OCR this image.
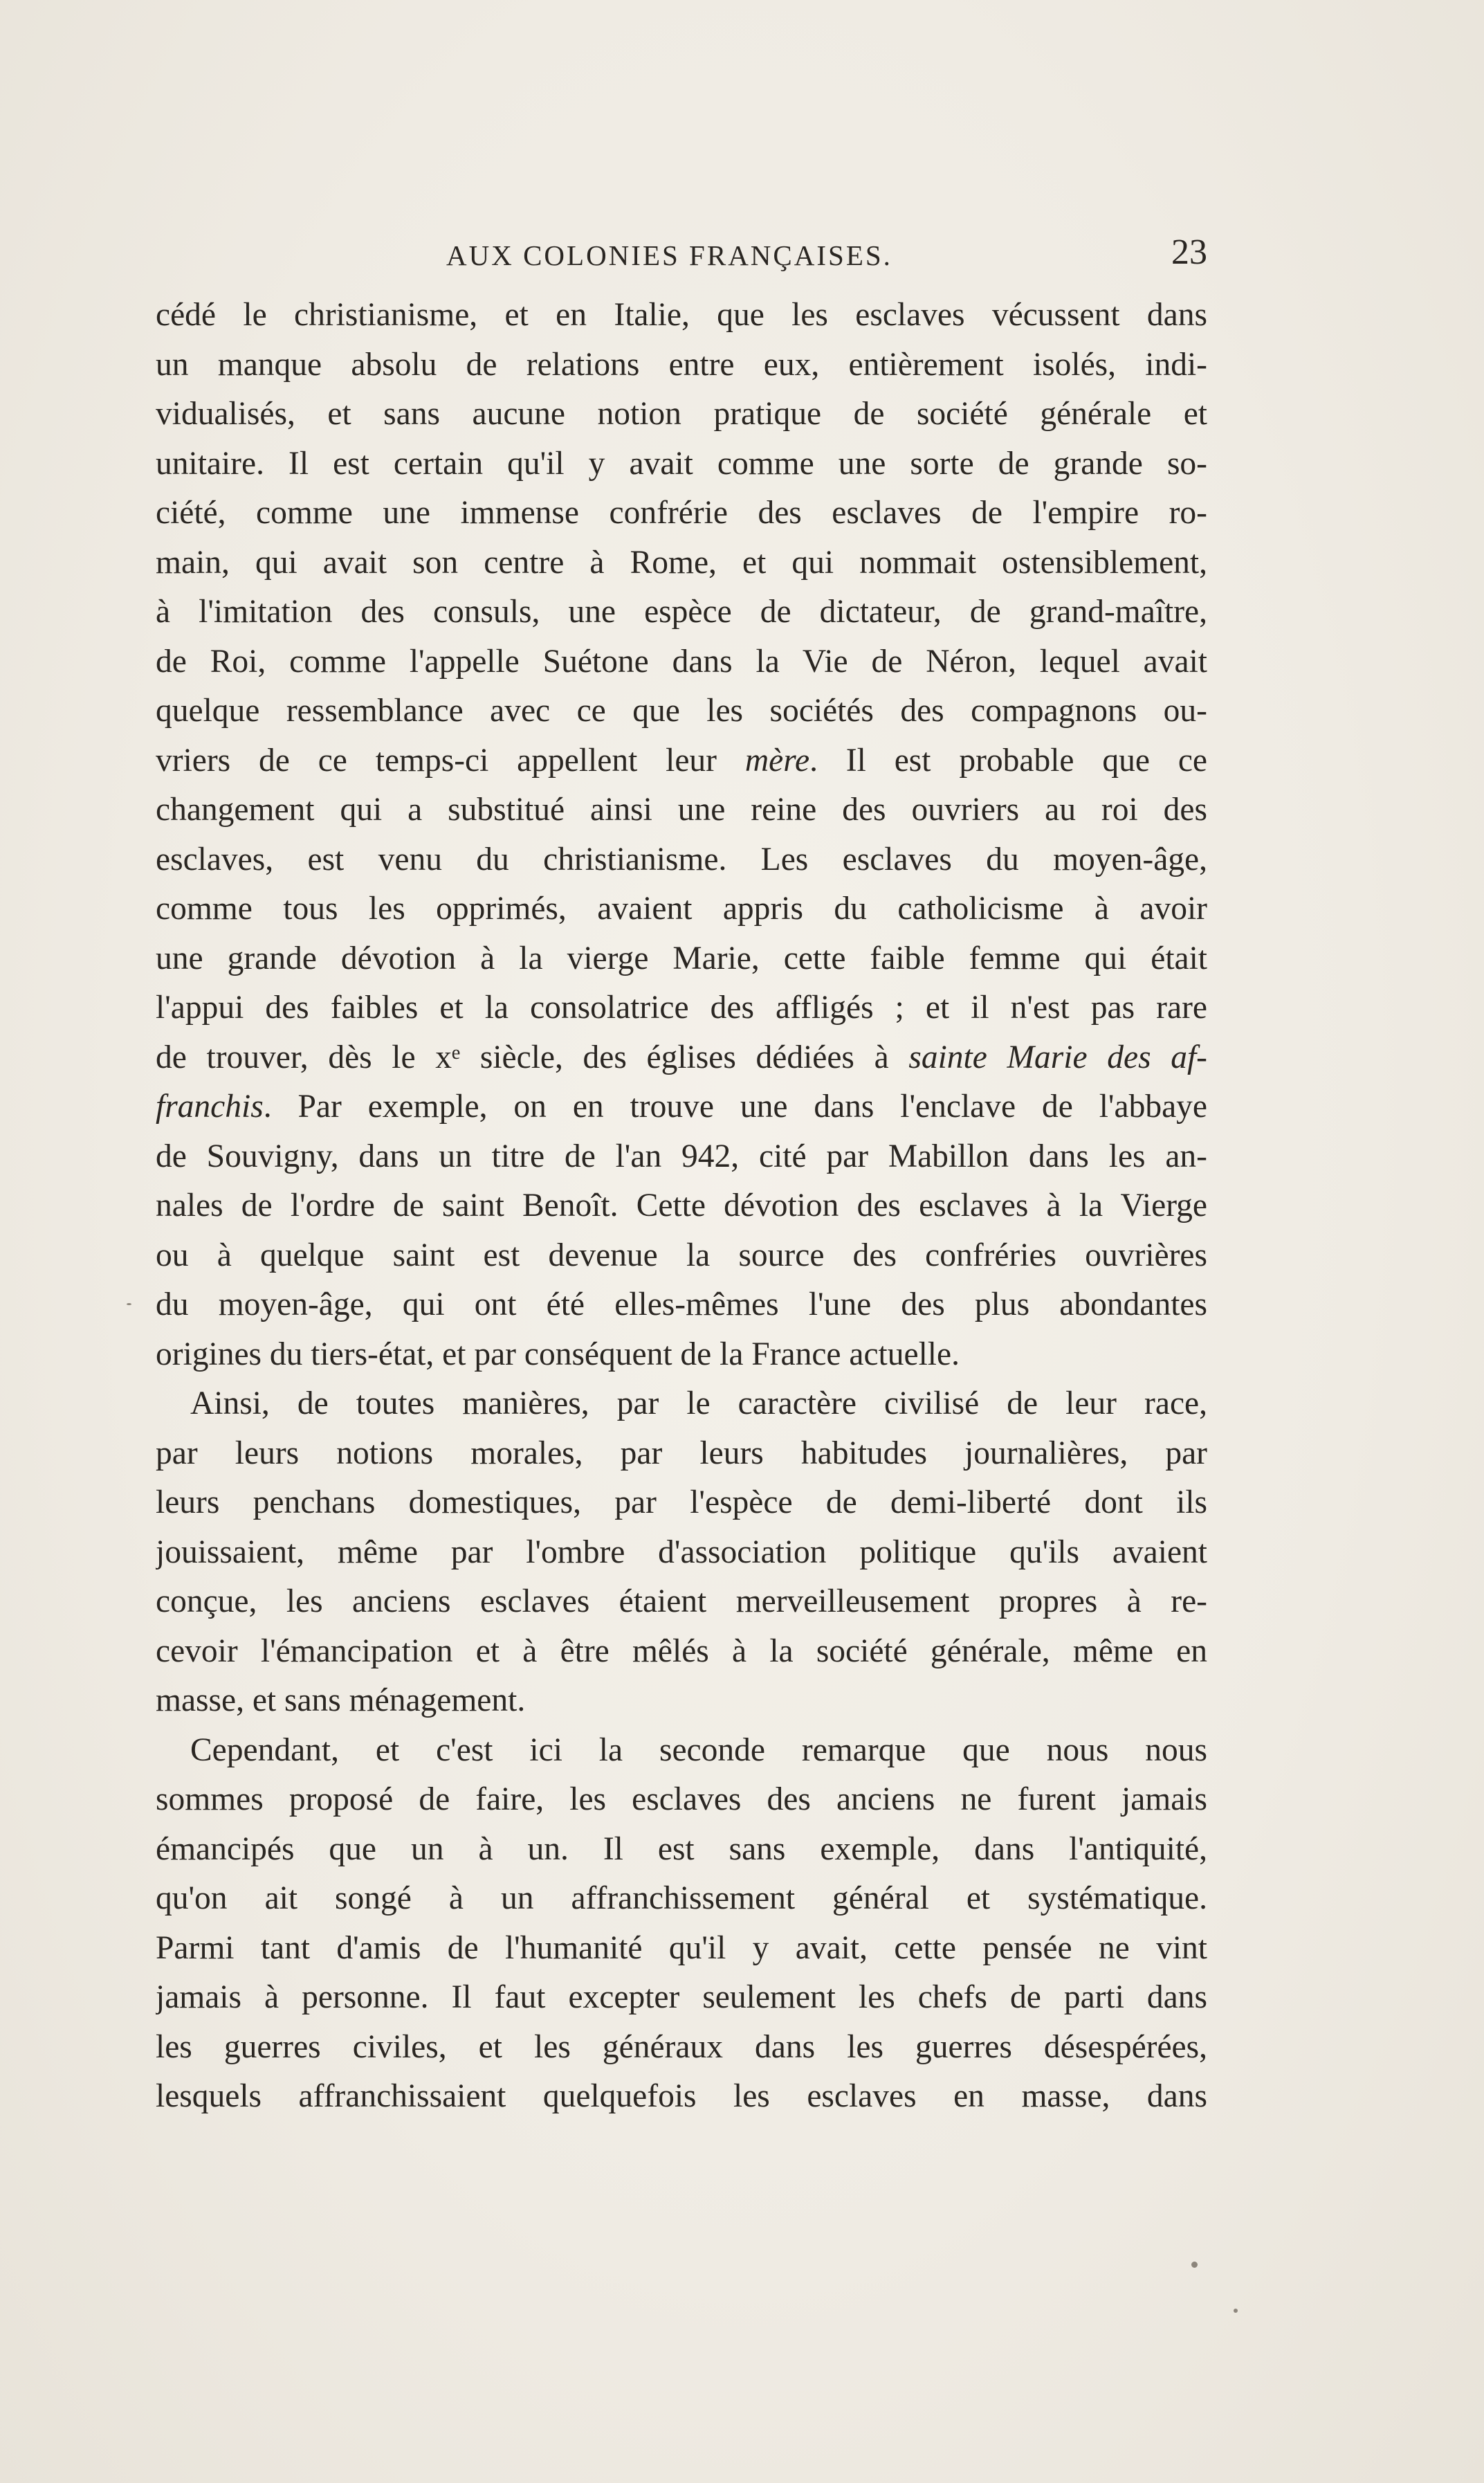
AUX COLONIES FRANÇAISES.	23
cédé le christianisme, et en Italie, que les esclaves vécussent dans
un manque absolu de relations entre eux, entièrement isolés, indi-
vidualisés, et sans aucune notion pratique de société générale et
unitaire. Il est certain qu'il y avait comme une sorte de grande so-
ciété, comme une immense confrérie des esclaves de l'empire ro-
main, qui avait son centre à Rome, et qui nommait ostensiblement,
à l'imitation des consuls, une espèce de dictateur, de grand-maître,
de Roi, comme l'appelle Suétone dans la Vie de Néron, lequel avait
quelque ressemblance avec ce que les sociétés des compagnons ou-
vriers de ce temps-ci appellent leur mère. Il est probable que ce
changement qui a substitué ainsi une reine des ouvriers au roi des
esclaves, est venu du christianisme. Les esclaves du moyen-âge,
comme tous les opprimés, avaient appris du catholicisme à avoir
une grande dévotion à la vierge Marie, cette faible femme qui était
l'appui des faibles et la consolatrice des affligés ; et il n'est pas rare
de trouver, dès le xᵉ siècle, des églises dédiées à sainte Marie des af-
franchis. Par exemple, on en trouve une dans l'enclave de l'abbaye
de Souvigny, dans un titre de l'an 942, cité par Mabillon dans les an-
nales de l'ordre de saint Benoît. Cette dévotion des esclaves à la Vierge
ou à quelque saint est devenue la source des confréries ouvrières
du moyen-âge, qui ont été elles-mêmes l'une des plus abondantes
origines du tiers-état, et par conséquent de la France actuelle.
Ainsi, de toutes manières, par le caractère civilisé de leur race,
par leurs notions morales, par leurs habitudes journalières, par
leurs penchans domestiques, par l'espèce de demi-liberté dont ils
jouissaient, même par l'ombre d'association politique qu'ils avaient
conçue, les anciens esclaves étaient merveilleusement propres à re-
cevoir l'émancipation et à être mêlés à la société générale, même en
masse, et sans ménagement.
Cependant, et c'est ici la seconde remarque que nous nous
sommes proposé de faire, les esclaves des anciens ne furent jamais
émancipés que un à un. Il est sans exemple, dans l'antiquité,
qu'on ait songé à un affranchissement général et systématique.
Parmi tant d'amis de l'humanité qu'il y avait, cette pensée ne vint
jamais à personne. Il faut excepter seulement les chefs de parti dans
les guerres civiles, et les généraux dans les guerres désespérées,
lesquels affranchissaient quelquefois les esclaves en masse, dans
